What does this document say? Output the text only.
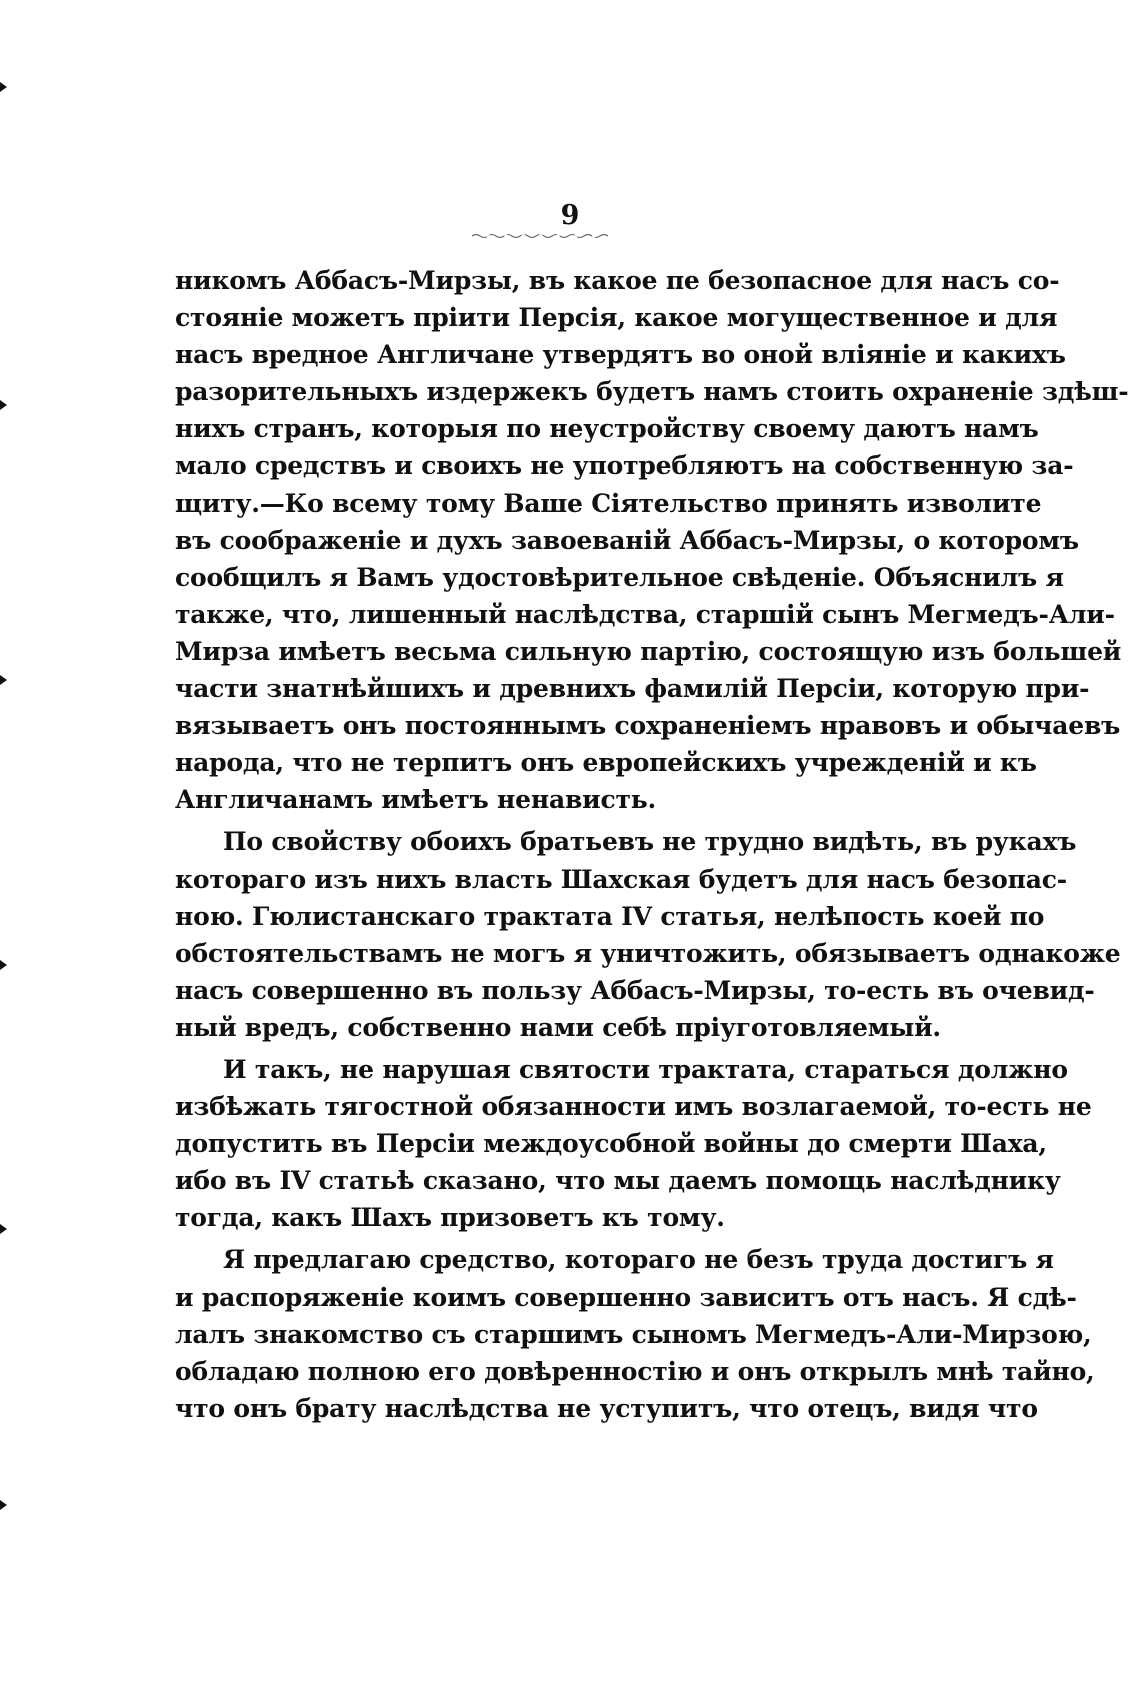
9
никомъ Аббасъ-Мирзы, въ какое пе безопасное для насъ со-
стояніе можетъ пріити Персія, какое могущественное и для
насъ вредное Англичане утвердятъ во оной вліяніе и какихъ
разорительныхъ издержекъ будетъ намъ стоить охраненіе здѣш-
нихъ странъ, которыя по неустройству своему даютъ намъ
мало средствъ и своихъ не употребляютъ на собственную за-
щиту.—Ко всему тому Ваше Сіятельство принять изволите
въ соображеніе и духъ завоеваній Аббасъ-Мирзы, о которомъ
сообщилъ я Вамъ удостовѣрительное свѣденіе. Объяснилъ я
также, что, лишенный наслѣдства, старшій сынъ Мегмедъ-Али-
Мирза имѣетъ весьма сильную партію, состоящую изъ большей
части знатнѣйшихъ и древнихъ фамилій Персіи, которую при-
вязываетъ онъ постояннымъ сохраненіемъ нравовъ и обычаевъ
народа, что не терпитъ онъ европейскихъ учрежденій и къ
Англичанамъ имѣетъ ненависть.
По свойству обоихъ братьевъ не трудно видѣть, въ рукахъ
котораго изъ нихъ власть Шахская будетъ для насъ безопас-
ною. Гюлистанскаго трактата IV статья, нелѣпость коей по
обстоятельствамъ не могъ я уничтожить, обязываетъ однакоже
насъ совершенно въ пользу Аббасъ-Мирзы, то-есть въ очевид-
ный вредъ, собственно нами себѣ пріуготовляемый.
И такъ, не нарушая святости трактата, стараться должно
избѣжать тягостной обязанности имъ возлагаемой, то-есть не
допустить въ Персіи междоусобной войны до смерти Шаха,
ибо въ IV статьѣ сказано, что мы даемъ помощь наслѣднику
тогда, какъ Шахъ призоветъ къ тому.
Я предлагаю средство, котораго не безъ труда достигъ я
и распоряженіе коимъ совершенно зависитъ отъ насъ. Я сдѣ-
лалъ знакомство съ старшимъ сыномъ Мегмедъ-Али-Мирзою,
обладаю полною его довѣренностію и онъ открылъ мнѣ тайно,
что онъ брату наслѣдства не уступитъ, что отецъ, видя что
